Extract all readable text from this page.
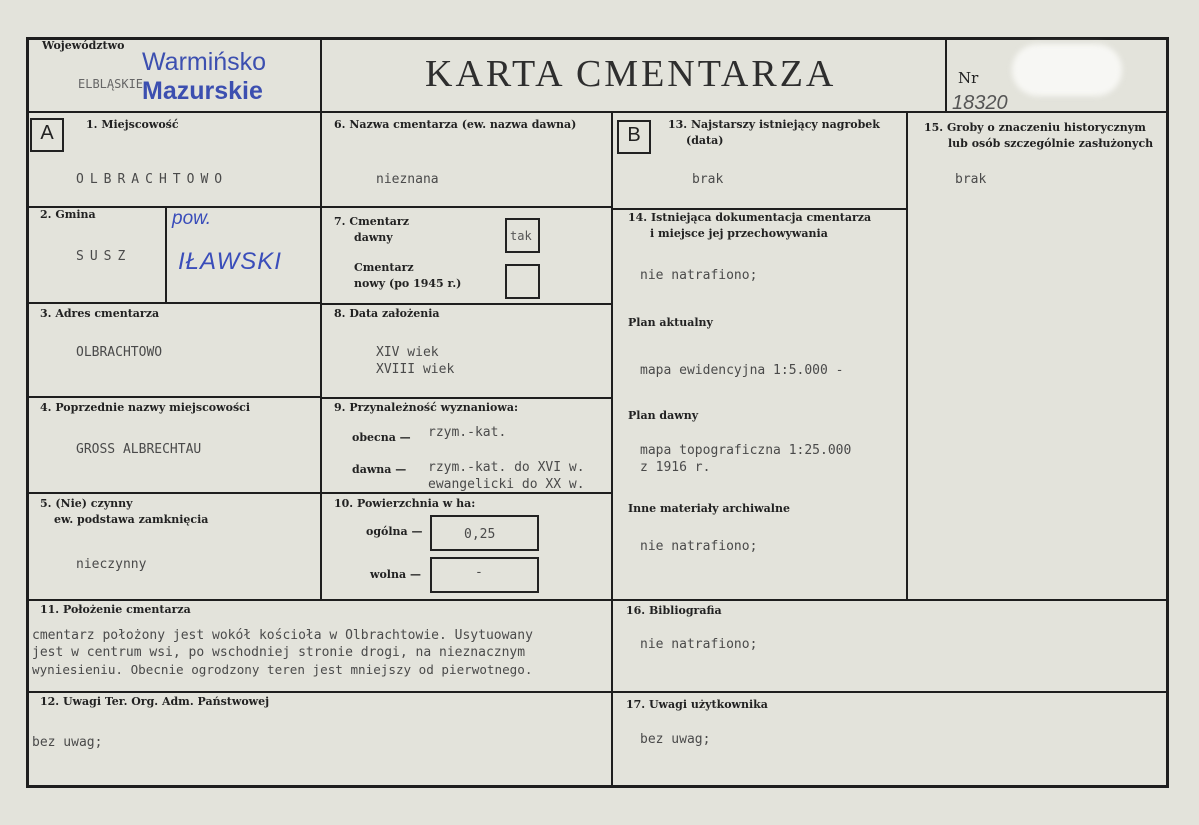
Województwo
ELBLĄSKIE
Warmińsko
Mazurskie	KARTA CMENTARZA	Nr
18320
A	B
1. Miejscowość
OLBRACHTOWO
2. Gmina
SUSZ
pow.
IŁAWSKI
3. Adres cmentarza
OLBRACHTOWO
4. Poprzednie nazwy miejscowości
GROSS ALBRECHTAU
5. (Nie) czynny
ew. podstawa zamknięcia
nieczynny
6. Nazwa cmentarza (ew. nazwa dawna)
nieznana
7. Cmentarz
dawny	tak
Cmentarz
nowy (po 1945 r.)
8. Data założenia
XIV wiek
XVIII wiek
9. Przynależność wyznaniowa:
obecna — rzym.-kat.
dawna — rzym.-kat. do XVI w.
ewangelicki do XX w.
10. Powierzchnia w ha:
ogólna —	0,25
wolna —	-
13. Najstarszy istniejący nagrobek
(data)
brak
14. Istniejąca dokumentacja cmentarza
i miejsce jej przechowywania
nie natrafiono;
Plan aktualny
mapa ewidencyjna 1:5.000 -
Plan dawny
mapa topograficzna 1:25.000
z 1916 r.
Inne materiały archiwalne
nie natrafiono;
15. Groby o znaczeniu historycznym
lub osób szczególnie zasłużonych
brak
11. Położenie cmentarza
cmentarz położony jest wokół kościoła w Olbrachtowie. Usytuowany
jest w centrum wsi, po wschodniej stronie drogi, na nieznacznym
wyniesieniu. Obecnie ogrodzony teren jest mniejszy od pierwotnego.
16. Bibliografia
nie natrafiono;
12. Uwagi Ter. Org. Adm. Państwowej
bez uwag;
17. Uwagi użytkownika
bez uwag;
